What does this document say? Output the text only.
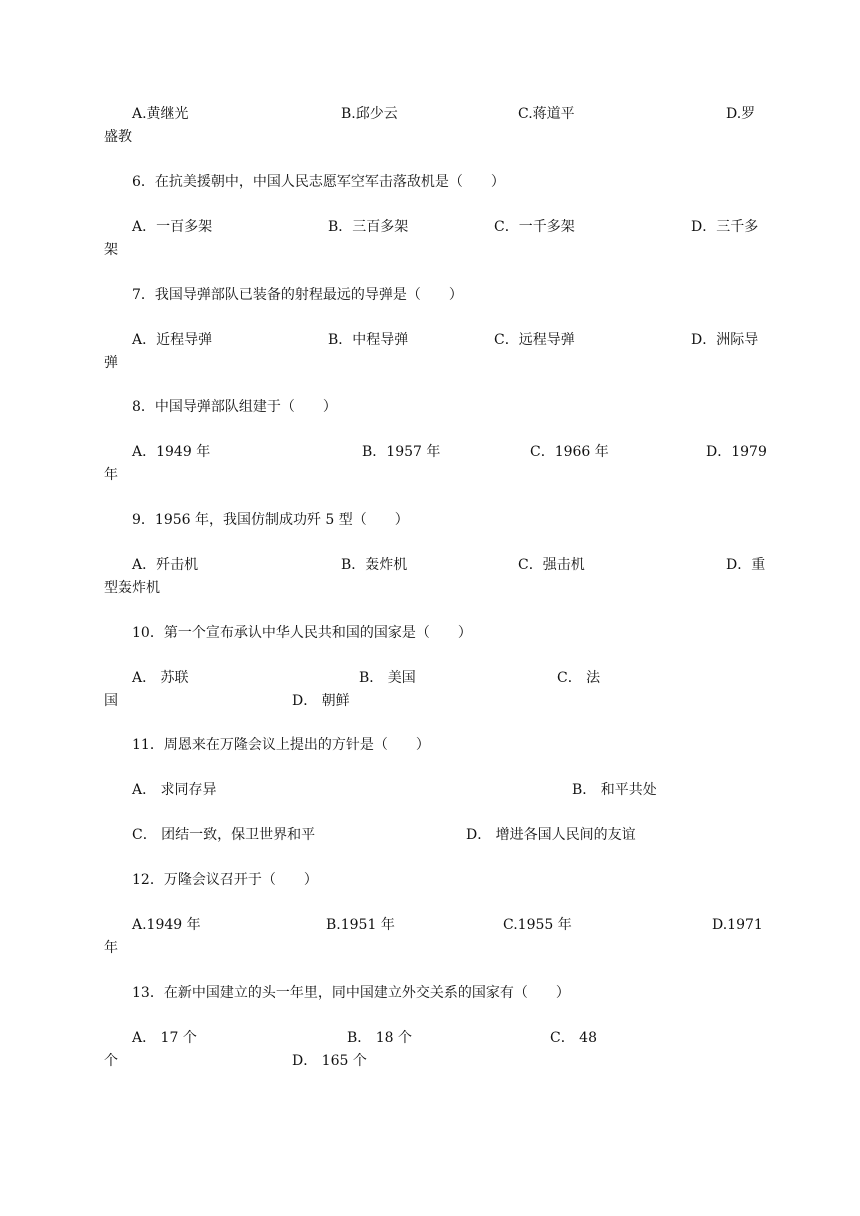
A.黄继光	B.邱少云	C.蒋道平	D.罗
盛教
6．在抗美援朝中，中国人民志愿军空军击落敌机是（　　）
A．一百多架	B．三百多架	C．一千多架	D．三千多
架
7．我国导弹部队已装备的射程最远的导弹是（　　）
A．近程导弹	B．中程导弹	C．远程导弹	D．洲际导
弹
8．中国导弹部队组建于（　　）
A．1949 年	B．1957 年	C．1966 年	D．1979
年
9．1956 年，我国仿制成功歼 5 型（　　）
A．歼击机	B．轰炸机	C．强击机	D．重
型轰炸机
10．第一个宣布承认中华人民共和国的国家是（　　）
A． 苏联	B． 美国	C． 法
国	D． 朝鲜
11．周恩来在万隆会议上提出的方针是（　　）
A． 求同存异	B． 和平共处
C． 团结一致，保卫世界和平	D． 增进各国人民间的友谊
12．万隆会议召开于（　　）
A.1949 年	B.1951 年	C.1955 年	D.1971
年
13．在新中国建立的头一年里，同中国建立外交关系的国家有（　　）
A． 17 个	B． 18 个	C． 48
个	D． 165 个
